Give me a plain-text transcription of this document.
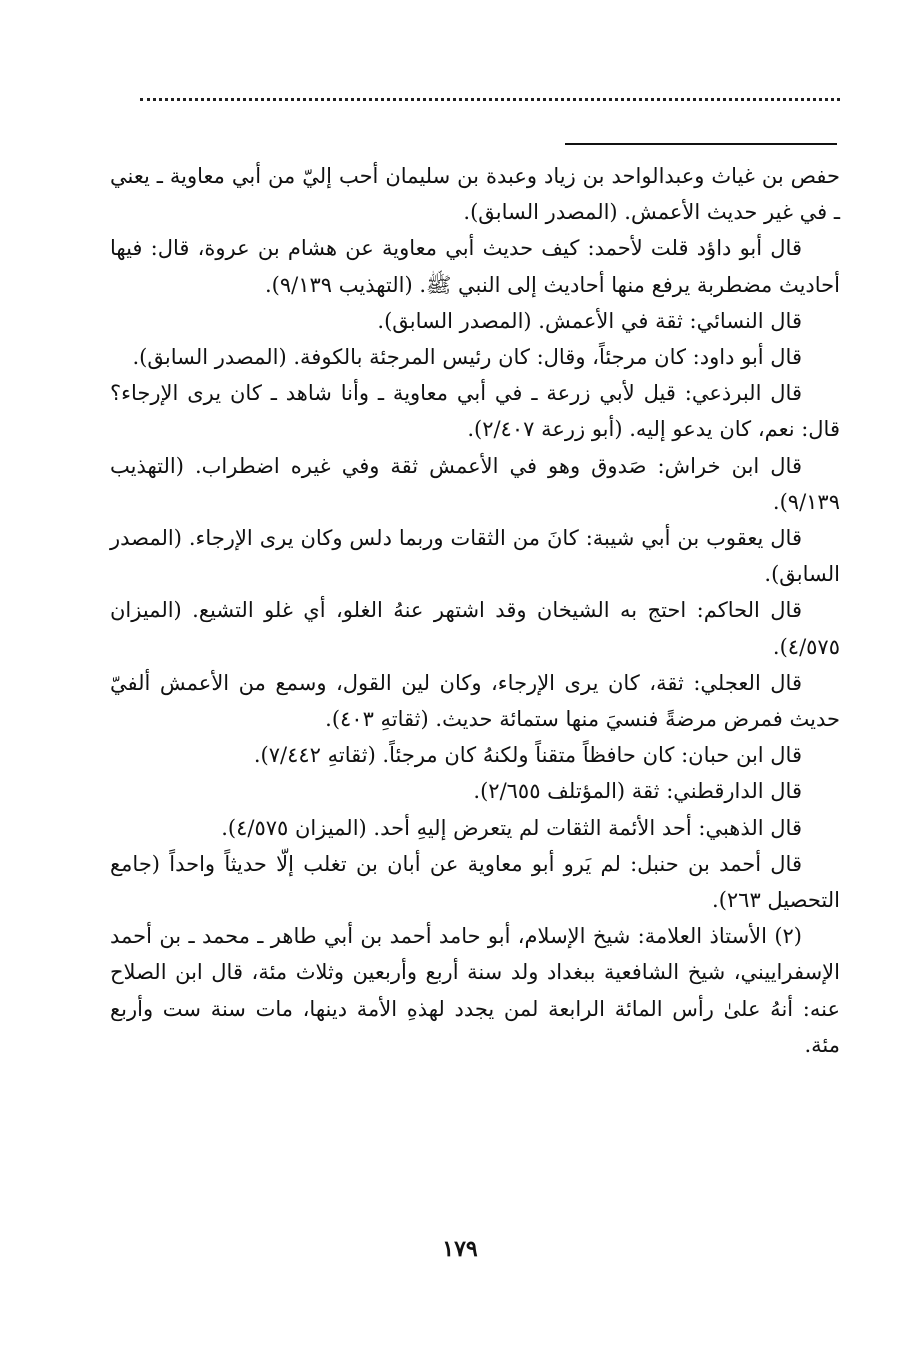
حفص بن غياث وعبدالواحد بن زياد وعبدة بن سليمان أحب إليّ من أبي معاوية ـ يعني ـ في غير حديث الأعمش. (المصدر السابق).

قال أبو داؤد قلت لأحمد: كيف حديث أبي معاوية عن هشام بن عروة، قال: فيها أحاديث مضطربة يرفع منها أحاديث إلى النبي ﷺ. (التهذيب ٩/١٣٩).

قال النسائي: ثقة في الأعمش. (المصدر السابق).

قال أبو داود: كان مرجئاً، وقال: كان رئيس المرجئة بالكوفة. (المصدر السابق).

قال البرذعي: قيل لأبي زرعة ـ في أبي معاوية ـ وأنا شاهد ـ كان يرى الإرجاء؟ قال: نعم، كان يدعو إليه. (أبو زرعة ٢/٤٠٧).

قال ابن خراش: صَدوق وهو في الأعمش ثقة وفي غيره اضطراب. (التهذيب ٩/١٣٩).

قال يعقوب بن أبي شيبة: كانَ من الثقات وربما دلس وكان يرى الإرجاء. (المصدر السابق).

قال الحاكم: احتج به الشيخان وقد اشتهر عنهُ الغلو، أي غلو التشيع. (الميزان ٤/٥٧٥).

قال العجلي: ثقة، كان يرى الإرجاء، وكان لين القول، وسمع من الأعمش ألفيّ حديث فمرض مرضةً فنسيَ منها ستمائة حديث. (ثقاتهِ ٤٠٣).

قال ابن حبان: كان حافظاً متقناً ولكنهُ كان مرجئاً. (ثقاتهِ ٧/٤٤٢).

قال الدارقطني: ثقة (المؤتلف ٢/٦٥٥).

قال الذهبي: أحد الأئمة الثقات لم يتعرض إليهِ أحد. (الميزان ٤/٥٧٥).

قال أحمد بن حنبل: لم يَرو أبو معاوية عن أبان بن تغلب إلّا حديثاً واحداً (جامع التحصيل ٢٦٣).

(٢) الأستاذ العلامة: شيخ الإسلام، أبو حامد أحمد بن أبي طاهر ـ محمد ـ بن أحمد الإسفراييني، شيخ الشافعية ببغداد ولد سنة أربع وأربعين وثلاث مئة، قال ابن الصلاح عنه: أنهُ علىٰ رأس المائة الرابعة لمن يجدد لهذهِ الأمة دينها، مات سنة ست وأربع مئة.

١٧٩
